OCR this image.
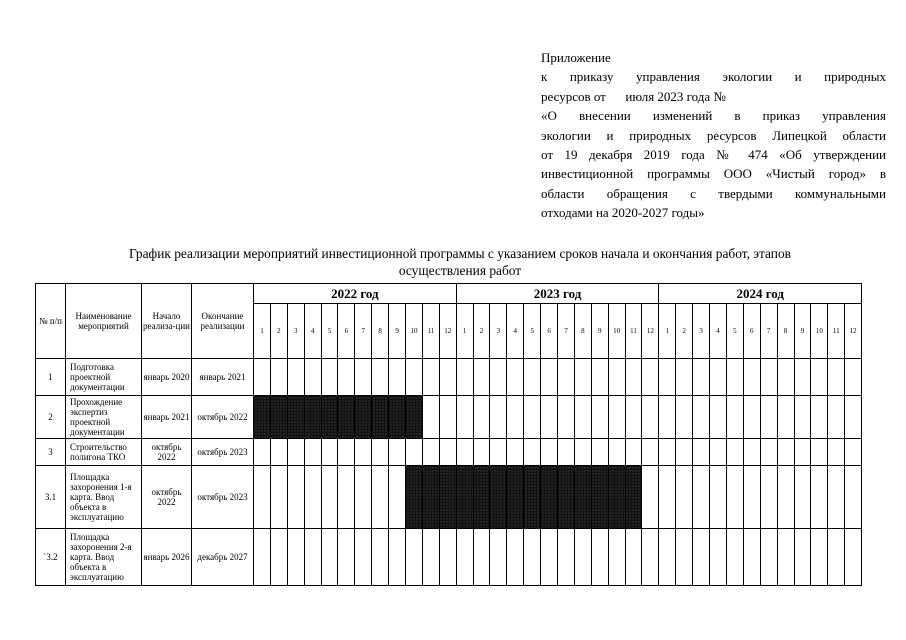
Приложение
к приказу управления экологии и природных
ресурсов от      июля 2023 года №
«О внесении изменений в приказ управления
экологии и природных ресурсов Липецкой области
от 19 декабря 2019 года № 474 «Об утверждении
инвестиционной программы ООО «Чистый город» в
области обращения с твердыми коммунальными
отходами на 2020-2027 годы»
График реализации мероприятий инвестиционной программы с указанием сроков начала и окончания работ, этапов
осуществления работ
№ п/п	Наименование мероприятий	Начало реализа-ции	Окончание реализации	2022 год												2023 год												2024 год											
				1	2	3	4	5	6	7	8	9	10	11	12	1	2	3	4	5	6	7	8	9	10	11	12	1	2	3	4	5	6	7	8	9	10	11	12
1	Подготовка проектной документации	январь 2020	январь 2021																																				
2	Прохождение экспертиз проектной документации	январь 2021	октябрь 2022																																				
3	Строительство полигона ТКО	октябрь 2022	октябрь 2023																																				
3.1	Площадка захоронения 1-я карта. Ввод объекта в эксплуатацию	октябрь 2022	октябрь 2023																																				
`3.2	Площадка захоронения 2-я карта. Ввод объекта в эксплуатацию	январь 2026	декабрь 2027																																				
